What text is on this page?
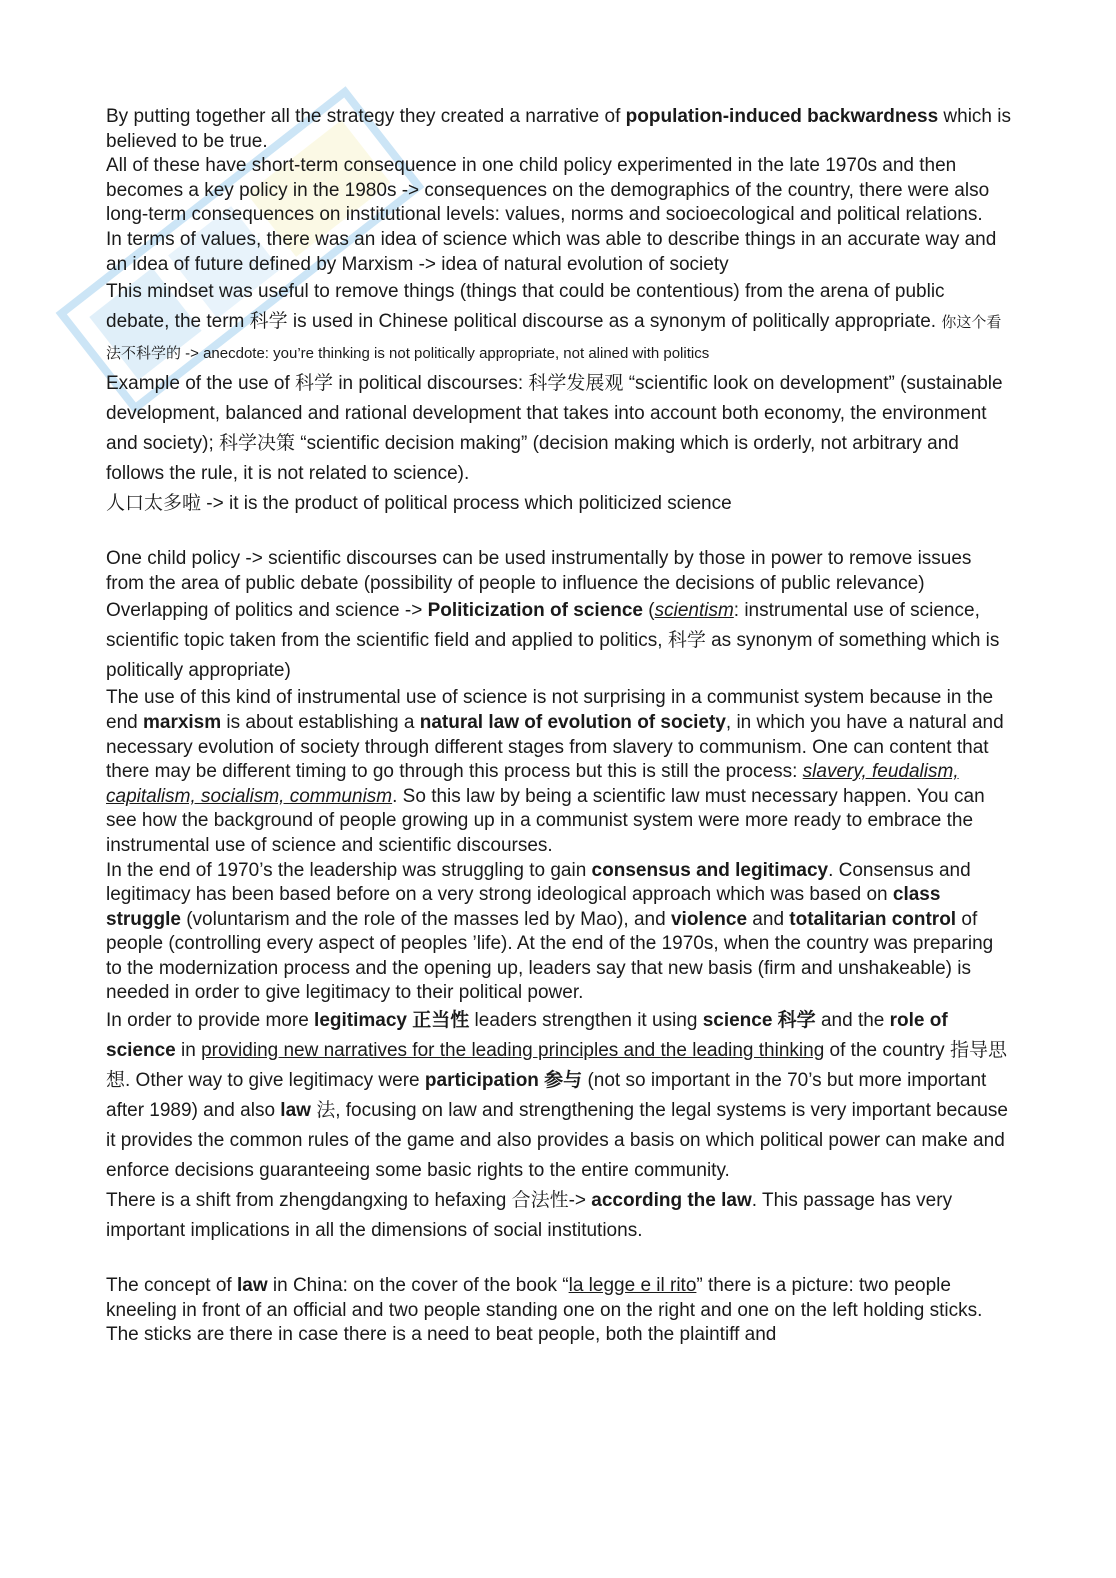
By putting together all the strategy they created a narrative of population-induced backwardness which is believed to be true.

All of these have short-term consequence in one child policy experimented in the late 1970s and then becomes a key policy in the 1980s -> consequences on the demographics of the country, there were also long-term consequences on institutional levels: values, norms and socioecological and political relations.

In terms of values, there was an idea of science which was able to describe things in an accurate way and an idea of future defined by Marxism -> idea of natural evolution of society

This mindset was useful to remove things (things that could be contentious) from the arena of public debate, the term 科学 is used in Chinese political discourse as a synonym of politically appropriate. 你这个看法不科学的 -> anecdote: you’re thinking is not politically appropriate, not alined with politics

Example of the use of 科学 in political discourses: 科学发展观 “scientific look on development” (sustainable development, balanced and rational development that takes into account both economy, the environment and society); 科学决策 “scientific decision making” (decision making which is orderly, not arbitrary and follows the rule, it is not related to science).

人口太多啦 -> it is the product of political process which politicized science

One child policy -> scientific discourses can be used instrumentally by those in power to remove issues from the area of public debate (possibility of people to influence the decisions of public relevance)

Overlapping of politics and science -> Politicization of science (scientism: instrumental use of science, scientific topic taken from the scientific field and applied to politics, 科学 as synonym of something which is politically appropriate)

The use of this kind of instrumental use of science is not surprising in a communist system because in the end marxism is about establishing a natural law of evolution of society, in which you have a natural and necessary evolution of society through different stages from slavery to communism. One can content that there may be different timing to go through this process but this is still the process: slavery, feudalism, capitalism, socialism, communism. So this law by being a scientific law must necessary happen. You can see how the background of people growing up in a communist system were more ready to embrace the instrumental use of science and scientific discourses.

In the end of 1970’s the leadership was struggling to gain consensus and legitimacy. Consensus and legitimacy has been based before on a very strong ideological approach which was based on class struggle (voluntarism and the role of the masses led by Mao), and violence and totalitarian control of people (controlling every aspect of peoples ’life). At the end of the 1970s, when the country was preparing to the modernization process and the opening up, leaders say that new basis (firm and unshakeable) is needed in order to give legitimacy to their political power.

In order to provide more legitimacy 正当性 leaders strengthen it using science 科学 and the role of science in providing new narratives for the leading principles and the leading thinking of the country 指导思想. Other way to give legitimacy were participation 参与 (not so important in the 70’s but more important after 1989) and also law 法, focusing on law and strengthening the legal systems is very important because it provides the common rules of the game and also provides a basis on which political power can make and enforce decisions guaranteeing some basic rights to the entire community.

There is a shift from zhengdangxing to hefaxing 合法性-> according the law. This passage has very important implications in all the dimensions of social institutions.

The concept of law in China: on the cover of the book “la legge e il rito” there is a picture: two people kneeling in front of an official and two people standing one on the right and one on the left holding sticks. The sticks are there in case there is a need to beat people, both the plaintiff and
